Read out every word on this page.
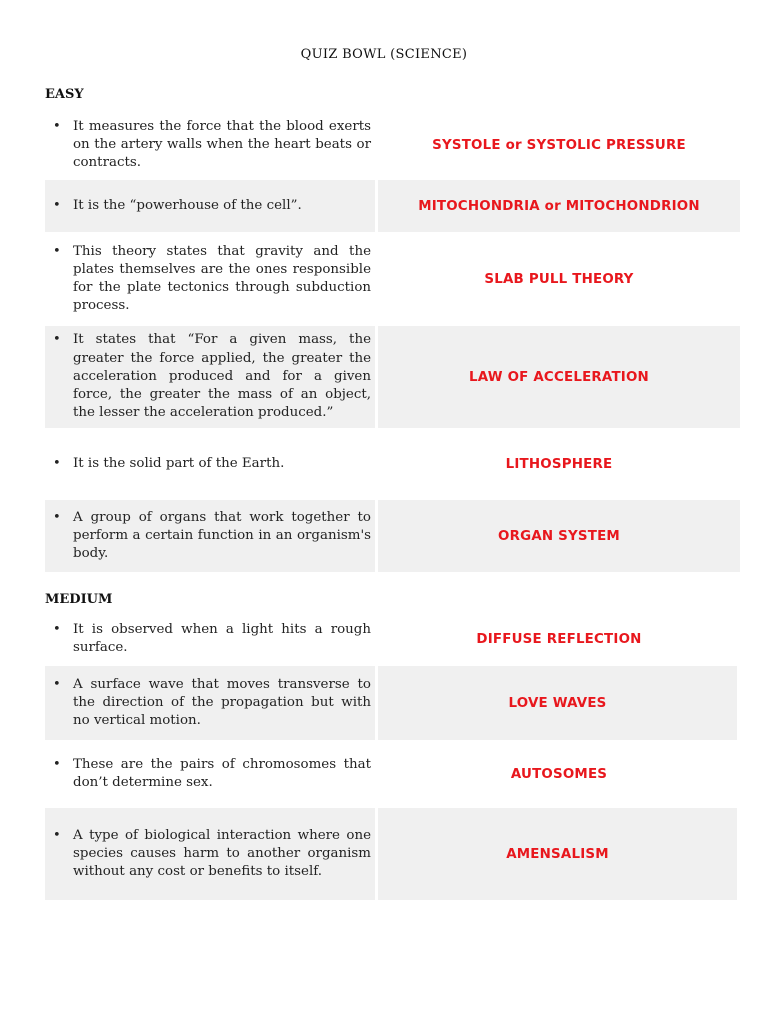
QUIZ BOWL (SCIENCE)
EASY
• It measures the force that the blood exerts on the artery walls when the heart beats or contracts.
SYSTOLE or SYSTOLIC PRESSURE
• It is the “powerhouse of the cell”.	MITOCHONDRIA or MITOCHONDRION
• This theory states that gravity and the plates themselves are the ones responsible for the plate tectonics through subduction process.
SLAB PULL THEORY
• It states that “For a given mass, the greater the force applied, the greater the acceleration produced and for a given force, the greater the mass of an object, the lesser the acceleration produced.”
LAW OF ACCELERATION
• It is the solid part of the Earth.	LITHOSPHERE
• A group of organs that work together to perform a certain function in an organism's body.
ORGAN SYSTEM
MEDIUM
• It is observed when a light hits a rough surface.
DIFFUSE REFLECTION
• A surface wave that moves transverse to the direction of the propagation but with no vertical motion.
LOVE WAVES
• These are the pairs of chromosomes that don’t determine sex.
AUTOSOMES
• A type of biological interaction where one species causes harm to another organism without any cost or benefits to itself.
AMENSALISM
